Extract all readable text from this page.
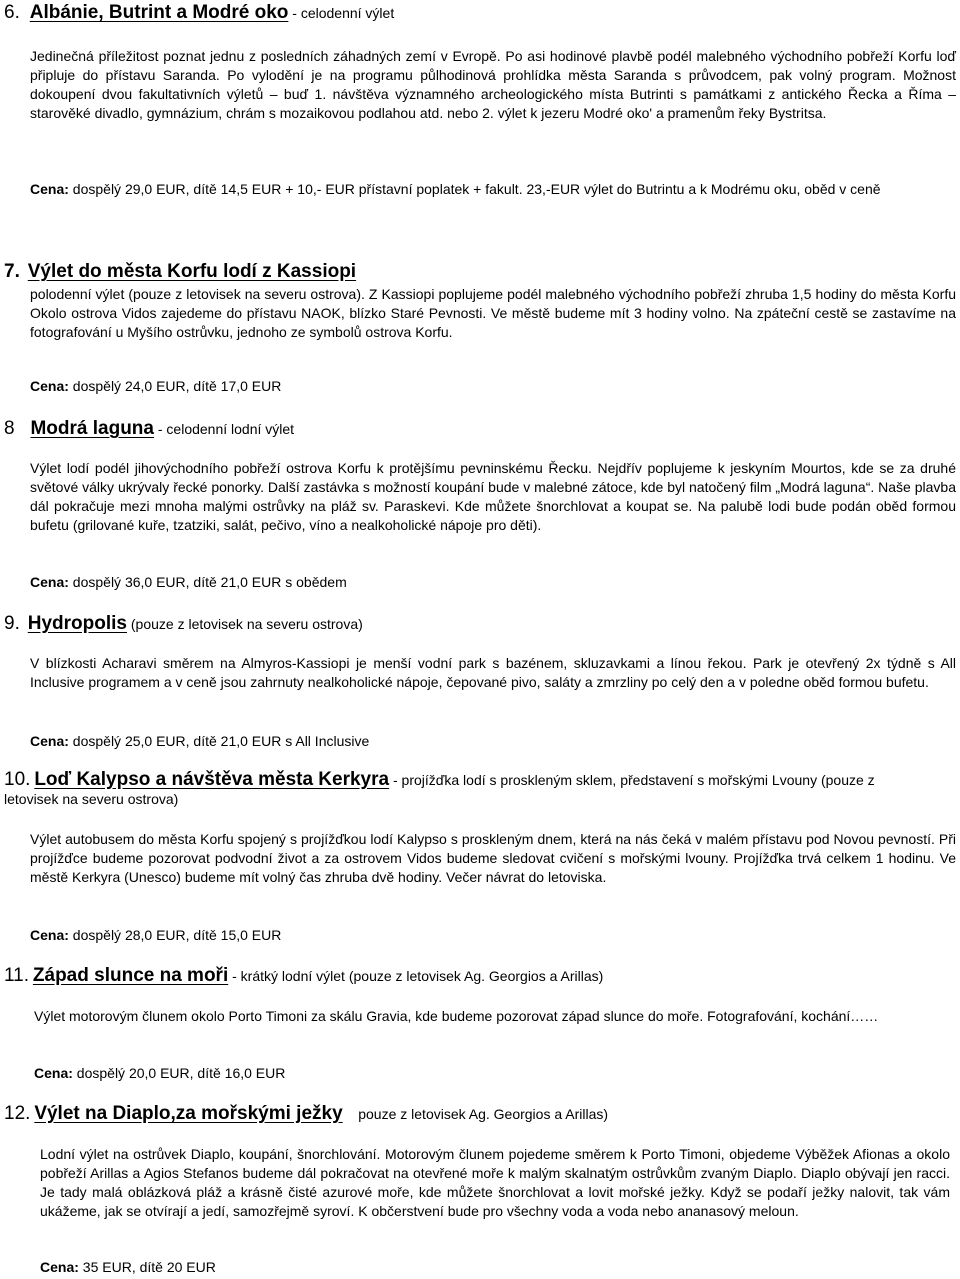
6. Albánie, Butrint a Modré oko - celodenní výlet

Jedinečná příležitost poznat jednu z posledních záhadných zemí v Evropě. Po asi hodinové plavbě podél malebného východního pobřeží Korfu loď připluje do přístavu Saranda. Po vylodění je na programu půlhodinová prohlídka města Saranda s průvodcem, pak volný program. Možnost dokoupení dvou fakultativních výletů – buď 1. návštěva významného archeologického místa Butrinti s památkami z antického Řecka a Říma – starověké divadlo, gymnázium, chrám s mozaikovou podlahou atd. nebo 2. výlet k jezeru Modré oko' a pramenům řeky Bystritsa.

Cena: dospělý 29,0 EUR, dítě 14,5 EUR + 10,- EUR přístavní poplatek + fakult. 23,-EUR výlet do Butrintu a k Modrému oku, oběd v ceně

7. Výlet do města Korfu lodí z Kassiopi

polodenní výlet (pouze z letovisek na severu ostrova). Z Kassiopi poplujeme podél malebného východního pobřeží zhruba 1,5 hodiny do města Korfu Okolo ostrova Vidos zajedeme do přístavu NAOK, blízko Staré Pevnosti. Ve městě budeme mít 3 hodiny volno. Na zpáteční cestě se zastavíme na fotografování u Myšího ostrůvku, jednoho ze symbolů ostrova Korfu.

Cena: dospělý 24,0 EUR, dítě 17,0 EUR

8 Modrá laguna - celodenní lodní výlet

Výlet lodí podél jihovýchodního pobřeží ostrova Korfu k protějšímu pevninskému Řecku. Nejdřív poplujeme k jeskyním Mourtos, kde se za druhé světové války ukrývaly řecké ponorky. Další zastávka s možností koupání bude v malebné zátoce, kde byl natočený film „Modrá laguna“. Naše plavba dál pokračuje mezi mnoha malými ostrůvky na pláž sv. Paraskevi. Kde můžete šnorchlovat a koupat se. Na palubě lodi bude podán oběd formou bufetu (grilované kuře, tzatziki, salát, pečivo, víno a nealkoholické nápoje pro děti).

Cena: dospělý 36,0 EUR, dítě 21,0 EUR s obědem

9. Hydropolis (pouze z letovisek na severu ostrova)

V blízkosti Acharavi směrem na Almyros-Kassiopi je menší vodní park s bazénem, skluzavkami a línou řekou. Park je otevřený 2x týdně s All Inclusive programem a v ceně jsou zahrnuty nealkoholické nápoje, čepované pivo, saláty a zmrzliny po celý den a v poledne oběd formou bufetu.

Cena: dospělý 25,0 EUR, dítě 21,0 EUR s All Inclusive

10. Loď Kalypso a návštěva města Kerkyra - projížďka lodí s proskleným sklem, představení s mořskými Lvouny (pouze z letovisek na severu ostrova)

Výlet autobusem do města Korfu spojený s projížďkou lodí Kalypso s proskleným dnem, která na nás čeká v malém přístavu pod Novou pevností. Při projížďce budeme pozorovat podvodní život a za ostrovem Vidos budeme sledovat cvičení s mořskými lvouny. Projížďka trvá celkem 1 hodinu. Ve městě Kerkyra (Unesco) budeme mít volný čas zhruba dvě hodiny. Večer návrat do letoviska.

Cena: dospělý 28,0 EUR, dítě 15,0 EUR

11. Západ slunce na moři - krátký lodní výlet (pouze z letovisek Ag. Georgios a Arillas)

Výlet motorovým člunem okolo Porto Timoni za skálu Gravia, kde budeme pozorovat západ slunce do moře. Fotografování, kochání……

Cena: dospělý 20,0 EUR, dítě 16,0 EUR

12. Výlet na Diaplo,za mořskými ježky    pouze z letovisek Ag. Georgios a Arillas)

Lodní výlet na ostrůvek Diaplo, koupání, šnorchlování. Motorovým člunem pojedeme směrem k Porto Timoni, objedeme Výběžek Afionas a okolo pobřeží Arillas a Agios Stefanos budeme dál pokračovat na otevřené moře k malým skalnatým ostrůvkům zvaným Diaplo. Diaplo obývají jen racci. Je tady malá oblázková pláž a krásně čisté azurové moře, kde můžete šnorchlovat a lovit mořské ježky. Když se podaří ježky nalovit, tak vám ukážeme, jak se otvírají a jedí, samozřejmě syroví. K občerstvení bude pro všechny voda a voda nebo ananasový meloun.

Cena: 35 EUR, dítě 20 EUR
